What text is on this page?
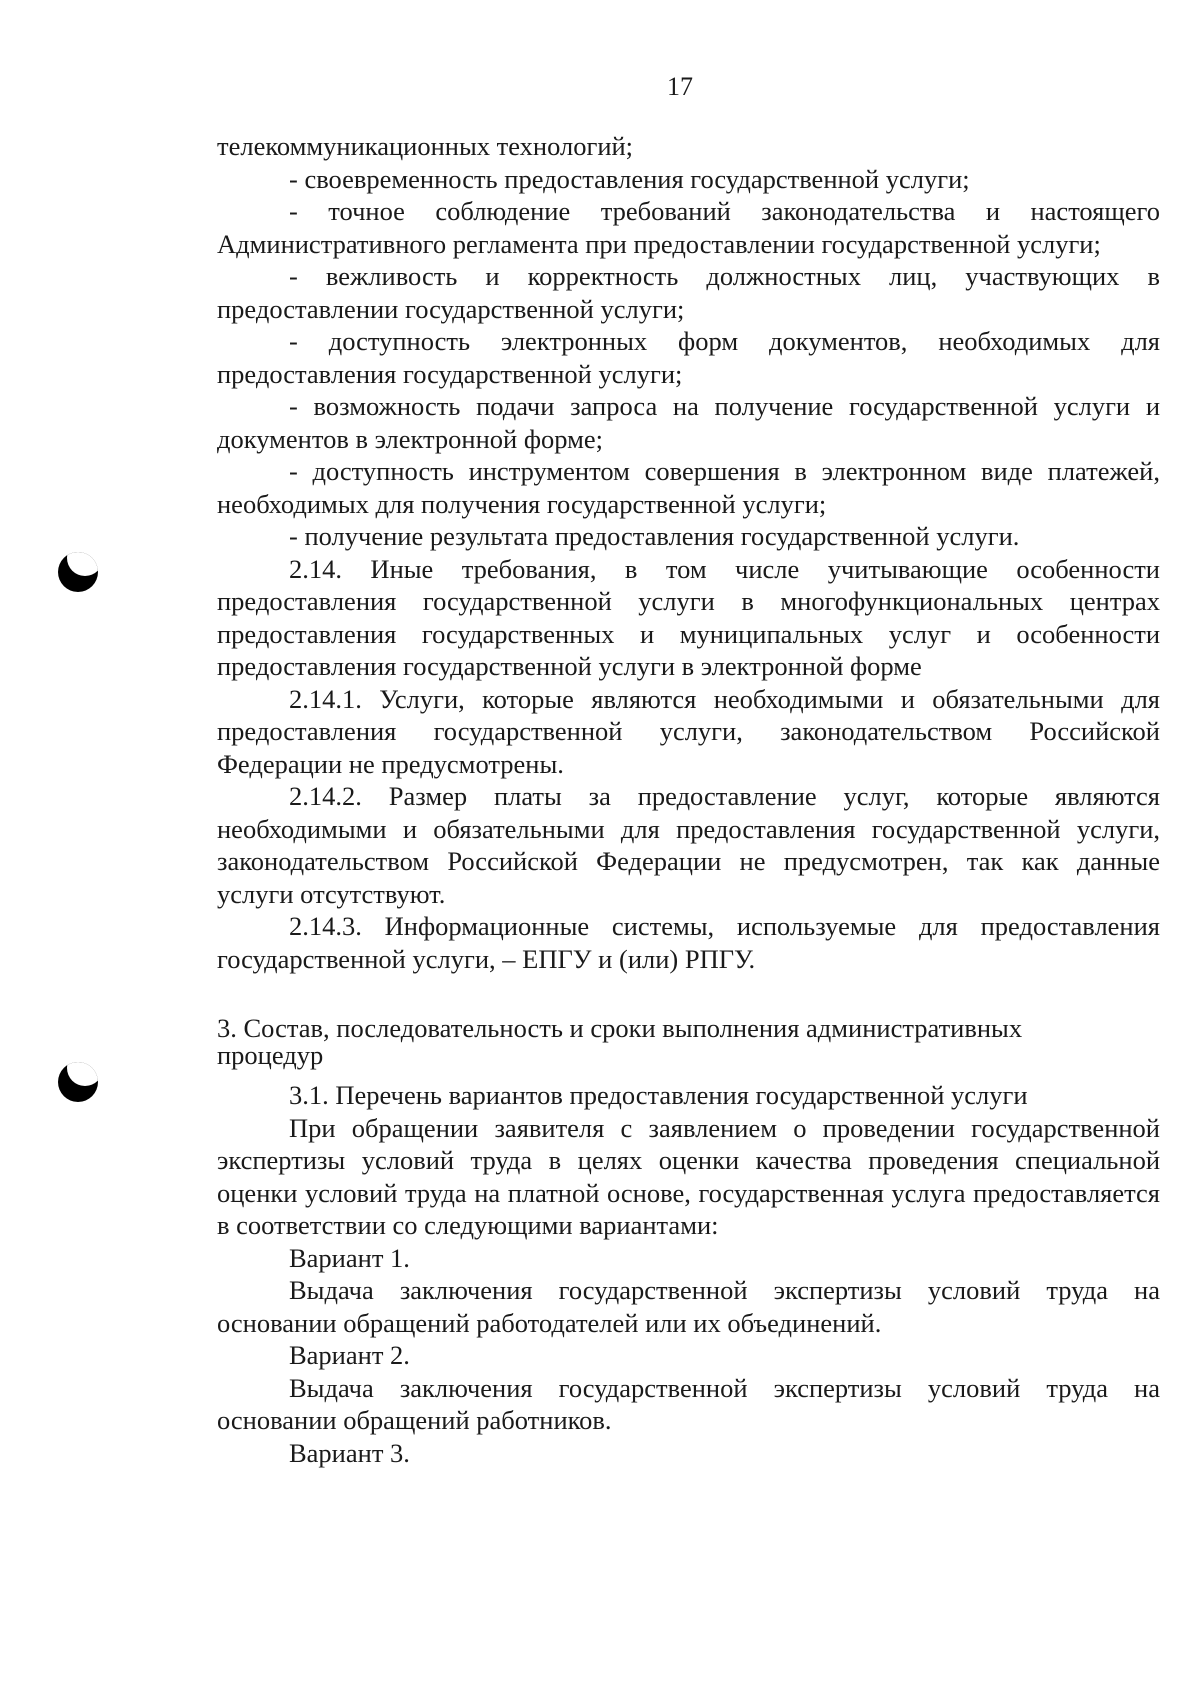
17

телекоммуникационных технологий;

- своевременность предоставления государственной услуги;

- точное соблюдение требований законодательства и настоящего Административного регламента при предоставлении государственной услуги;

- вежливость и корректность должностных лиц, участвующих в предоставлении государственной услуги;

- доступность электронных форм документов, необходимых для предоставления государственной услуги;

- возможность подачи запроса на получение государственной услуги и документов в электронной форме;

- доступность инструментом совершения в электронном виде платежей, необходимых для получения государственной услуги;

- получение результата предоставления государственной услуги.

2.14. Иные требования, в том числе учитывающие особенности предоставления государственной услуги в многофункциональных центрах предоставления государственных и муниципальных услуг и особенности предоставления государственной услуги в электронной форме

2.14.1. Услуги, которые являются необходимыми и обязательными для предоставления государственной услуги, законодательством Российской Федерации не предусмотрены.

2.14.2. Размер платы за предоставление услуг, которые являются необходимыми и обязательными для предоставления государственной услуги, законодательством Российской Федерации не предусмотрен, так как данные услуги отсутствуют.

2.14.3. Информационные системы, используемые для предоставления государственной услуги, – ЕПГУ и (или) РПГУ.

3. Состав, последовательность и сроки выполнения административных процедур

3.1. Перечень вариантов предоставления государственной услуги

При обращении заявителя с заявлением о проведении государственной экспертизы условий труда в целях оценки качества проведения специальной оценки условий труда на платной основе, государственная услуга предоставляется в соответствии со следующими вариантами:

Вариант 1.

Выдача заключения государственной экспертизы условий труда на основании обращений работодателей или их объединений.

Вариант 2.

Выдача заключения государственной экспертизы условий труда на основании обращений работников.

Вариант 3.
